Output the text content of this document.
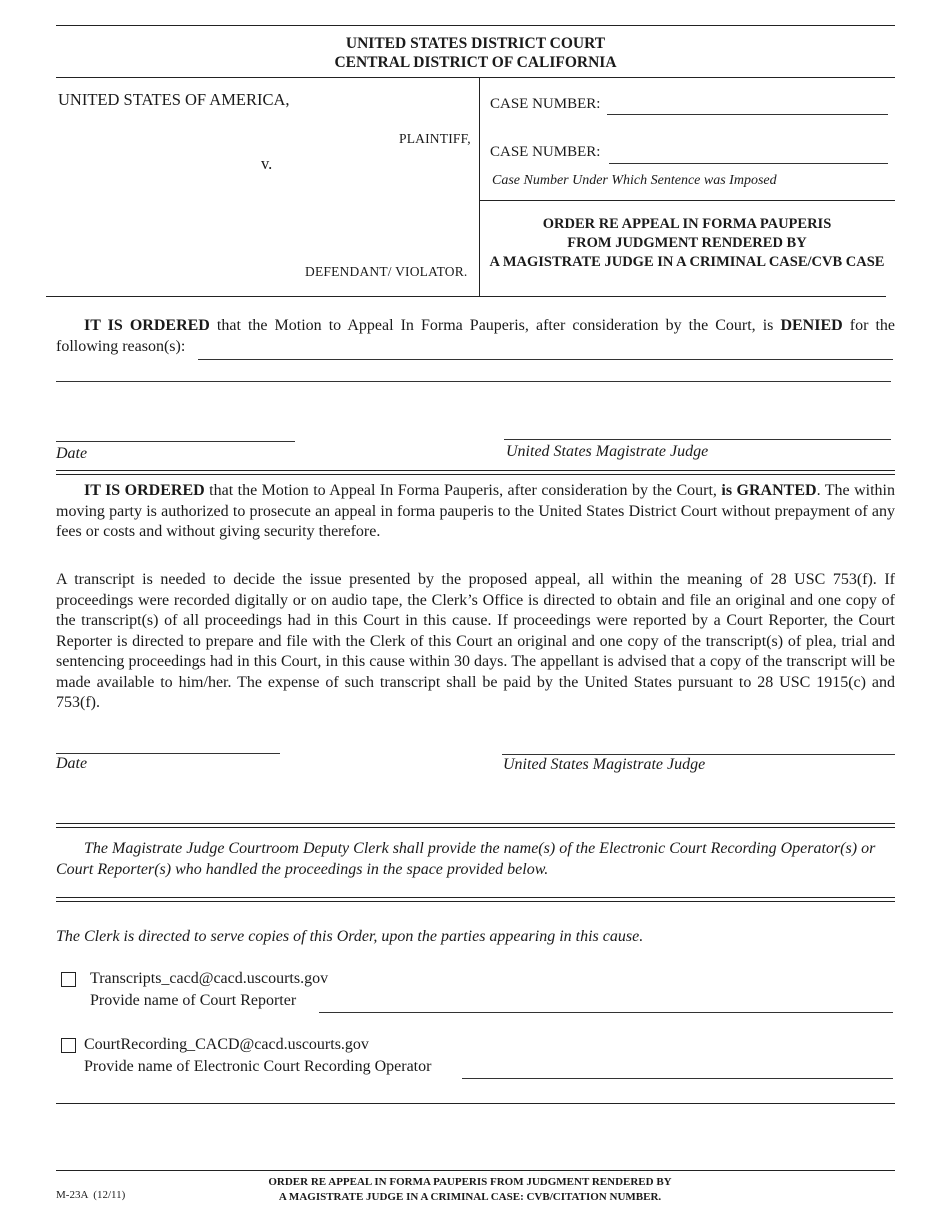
UNITED STATES DISTRICT COURT
CENTRAL DISTRICT OF CALIFORNIA
UNITED STATES OF AMERICA,
PLAINTIFF,
v.
DEFENDANT/ VIOLATOR.
CASE NUMBER:
CASE NUMBER:
Case Number Under Which Sentence was Imposed
ORDER RE APPEAL IN FORMA PAUPERIS
FROM JUDGMENT RENDERED BY
A MAGISTRATE JUDGE IN A CRIMINAL CASE/CVB CASE
IT IS ORDERED that the Motion to Appeal In Forma Pauperis, after consideration by the Court, is DENIED for the following reason(s):
Date	United States Magistrate Judge
IT IS ORDERED that the Motion to Appeal In Forma Pauperis, after consideration by the Court, is GRANTED. The within moving party is authorized to prosecute an appeal in forma pauperis to the United States District Court without prepayment of any fees or costs and without giving security therefore.
A transcript is needed to decide the issue presented by the proposed appeal, all within the meaning of 28 USC 753(f). If proceedings were recorded digitally or on audio tape, the Clerk’s Office is directed to obtain and file an original and one copy of the transcript(s) of all proceedings had in this Court in this cause. If proceedings were reported by a Court Reporter, the Court Reporter is directed to prepare and file with the Clerk of this Court an original and one copy of the transcript(s) of plea, trial and sentencing proceedings had in this Court, in this cause within 30 days. The appellant is advised that a copy of the transcript will be made available to him/her. The expense of such transcript shall be paid by the United States pursuant to 28 USC 1915(c) and 753(f).
Date	United States Magistrate Judge
The Magistrate Judge Courtroom Deputy Clerk shall provide the name(s) of the Electronic Court Recording Operator(s) or Court Reporter(s) who handled the proceedings in the space provided below.
The Clerk is directed to serve copies of this Order, upon the parties appearing in this cause.
Transcripts_cacd@cacd.uscourts.gov
Provide name of Court Reporter
CourtRecording_CACD@cacd.uscourts.gov
Provide name of Electronic Court Recording Operator
ORDER RE APPEAL IN FORMA PAUPERIS FROM JUDGMENT RENDERED BY
A MAGISTRATE JUDGE IN A CRIMINAL CASE: CVB/CITATION NUMBER.
M-23A  (12/11)
